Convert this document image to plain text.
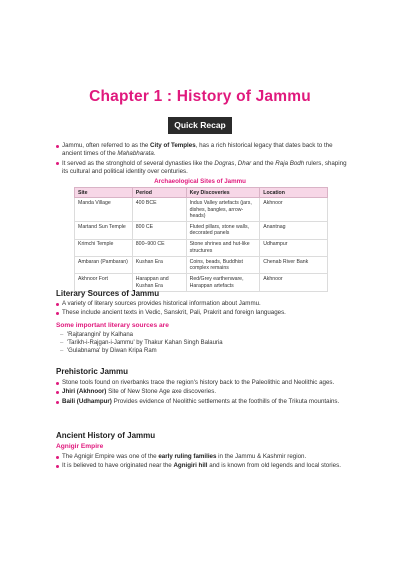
Chapter 1 : History of Jammu
Quick Recap
Jammu, often referred to as the City of Temples, has a rich historical legacy that dates back to the ancient times of the Mahabharata.
It served as the stronghold of several dynasties like the Dogras, Dhar and the Raja Bodh rulers, shaping its cultural and political identity over centuries.
Archaeological Sites of Jammu
Site	Period	Key Discoveries	Location
Manda Village	400 BCE	Indus Valley artefacts (jars, dishes, bangles, arrow-heads)	Akhnoor
Martand Sun Temple	800 CE	Fluted pillars, stone walls, decorated panels	Anantnag
Krimchi Temple	800–900 CE	Stone shrines and hut-like structures	Udhampur
Ambaran (Pambaran)	Kushan Era	Coins, beads, Buddhist complex remains	Chenab River Bank
Akhnoor Fort	Harappan and Kushan Era	Red/Grey earthenware, Harappan artefacts	Akhnoor
Literary Sources of Jammu
A variety of literary sources provides historical information about Jammu.
These include ancient texts in Vedic, Sanskrit, Pali, Prakrit and foreign languages.
Some important literary sources are
– 'Rajtarangini' by Kalhana
– 'Tarikh-i-Rajgan-i-Jammu' by Thakur Kahan Singh Balauria
– 'Gulabnama' by Diwan Kripa Ram
Prehistoric Jammu
Stone tools found on riverbanks trace the region's history back to the Paleolithic and Neolithic ages.
Jhiri (Akhnoor) Site of New Stone Age axe discoveries.
Baili (Udhampur) Provides evidence of Neolithic settlements at the foothills of the Trikuta mountains.
Ancient History of Jammu
Agnigir Empire
The Agnigir Empire was one of the early ruling families in the Jammu & Kashmir region.
It is believed to have originated near the Agnigiri hill and is known from old legends and local stories.
